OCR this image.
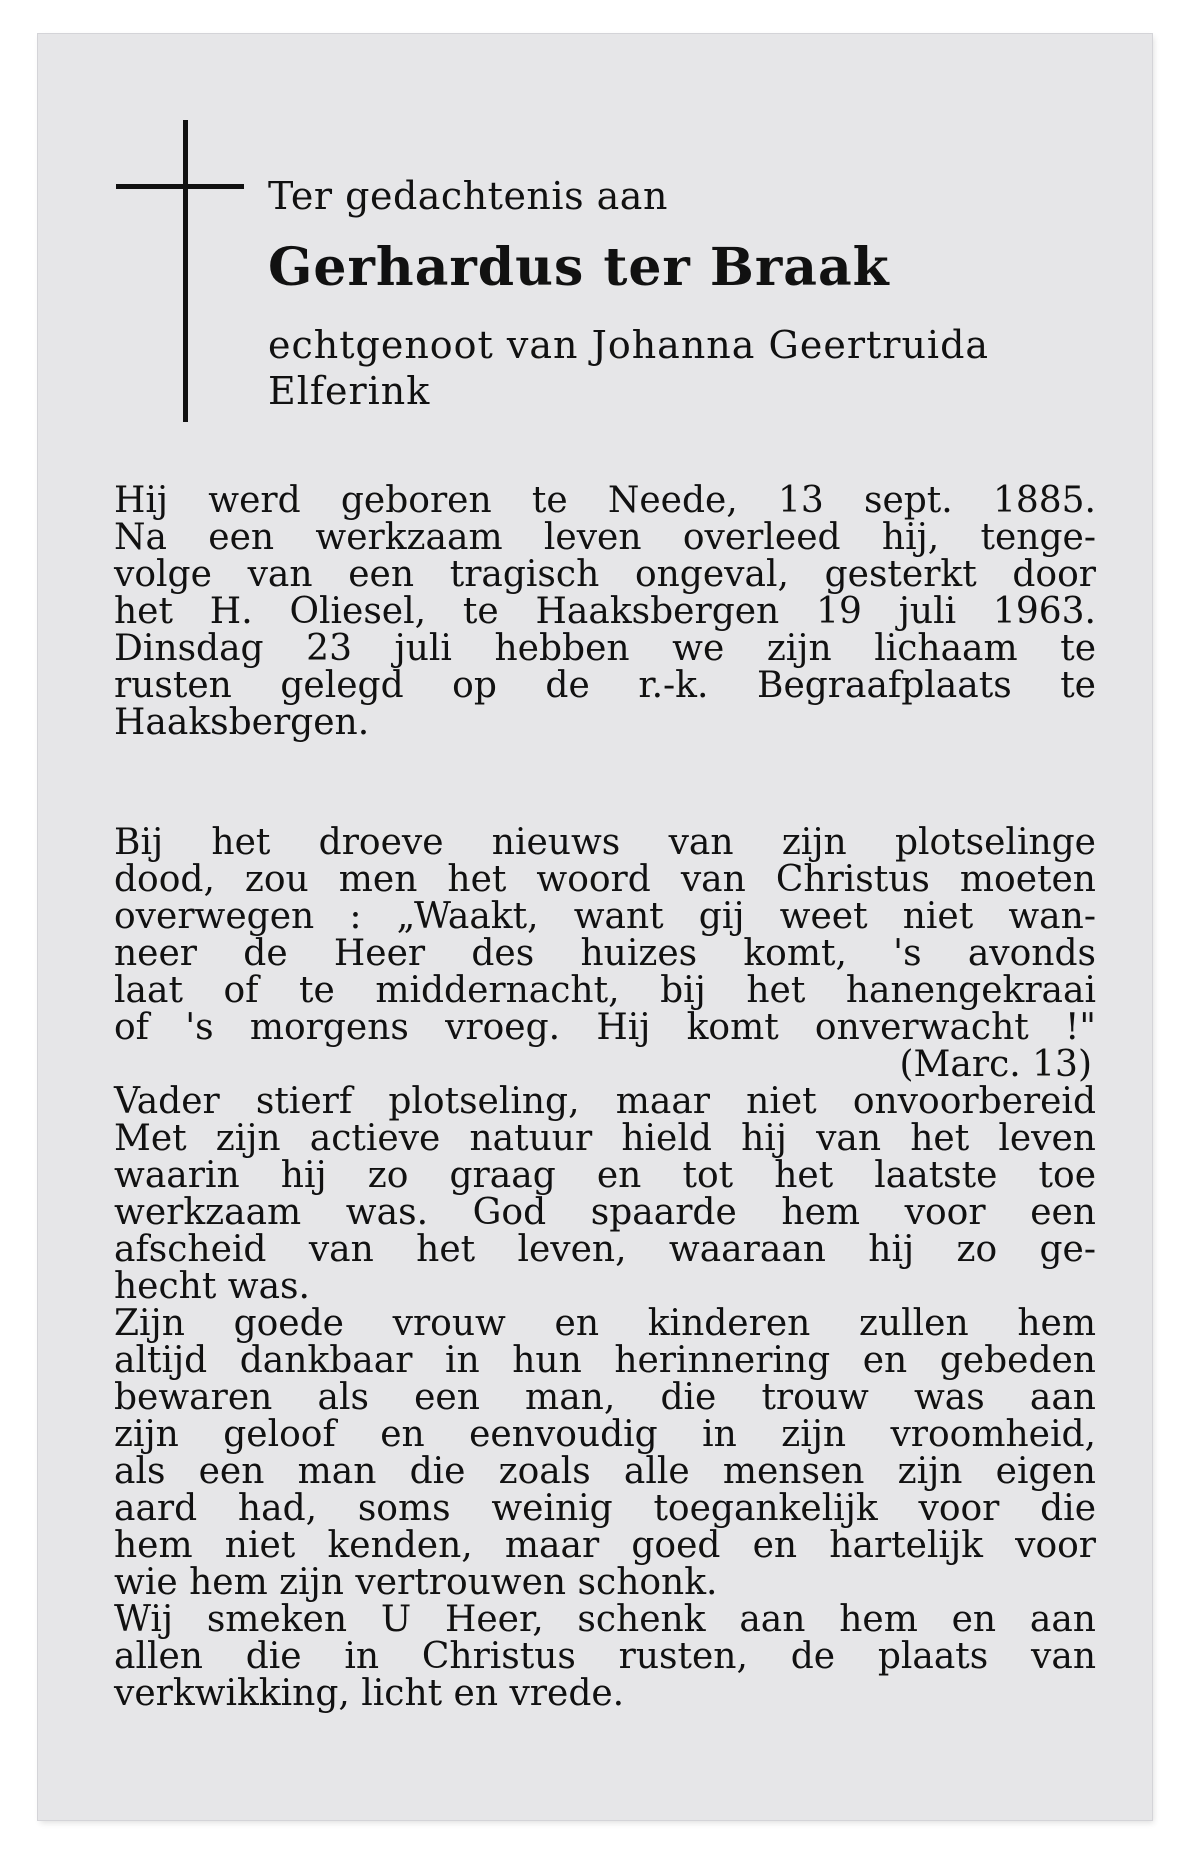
Ter gedachtenis aan
Gerhardus ter Braak
echtgenoot van Johanna Geertruida
Elferink
Hij werd geboren te Neede, 13 sept. 1885.
Na een werkzaam leven overleed hij, tenge-
volge van een tragisch ongeval, gesterkt door
het H. Oliesel, te Haaksbergen 19 juli 1963.
Dinsdag 23 juli hebben we zijn lichaam te
rusten gelegd op de r.-k. Begraafplaats te
Haaksbergen.
Bij het droeve nieuws van zijn plotselinge
dood, zou men het woord van Christus moeten
overwegen : „Waakt, want gij weet niet wan-
neer de Heer des huizes komt, 's avonds
laat of te middernacht, bij het hanengekraai
of 's morgens vroeg. Hij komt onverwacht !"
(Marc. 13)
Vader stierf plotseling, maar niet onvoorbereid
Met zijn actieve natuur hield hij van het leven
waarin hij zo graag en tot het laatste toe
werkzaam was. God spaarde hem voor een
afscheid van het leven, waaraan hij zo ge-
hecht was.
Zijn goede vrouw en kinderen zullen hem
altijd dankbaar in hun herinnering en gebeden
bewaren als een man, die trouw was aan
zijn geloof en eenvoudig in zijn vroomheid,
als een man die zoals alle mensen zijn eigen
aard had, soms weinig toegankelijk voor die
hem niet kenden, maar goed en hartelijk voor
wie hem zijn vertrouwen schonk.
Wij smeken U Heer, schenk aan hem en aan
allen die in Christus rusten, de plaats van
verkwikking, licht en vrede.
